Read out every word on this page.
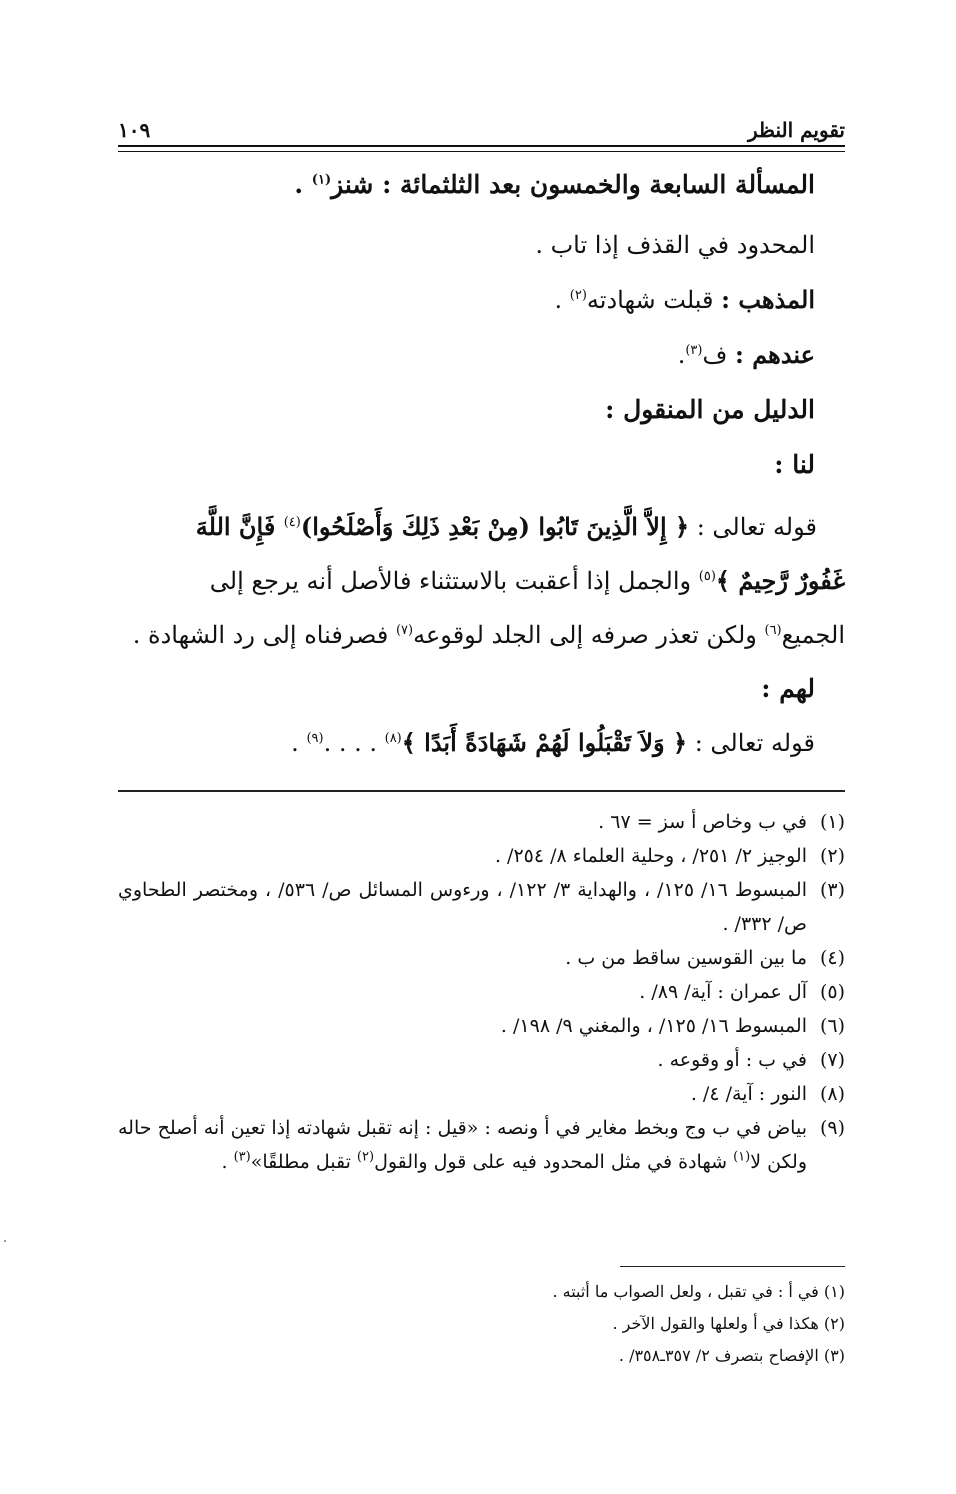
تقويم النظر
١٠٩

المسألة السابعة والخمسون بعد الثلثمائة : شنز$^{(١)}$ .

المحدود في القذف إذا تاب .

المذهب : قبلت شهادته$^{(٢)}$ .

عندهم : ف$^{(٣)}$.

الدليل من المنقول :

لنا :

قوله تعالى : ﴿ إِلاَّ الَّذِينَ تَابُوا (مِنْ بَعْدِ ذَلِكَ وَأَصْلَحُوا)$^{(٤)}$ فَإِنَّ اللَّهَ
غَفُورٌ رَّحِيمٌ ﴾$^{(٥)}$ والجمل إذا أعقبت بالاستثناء فالأصل أنه يرجع إلى
الجميع$^{(٦)}$ ولكن تعذر صرفه إلى الجلد لوقوعه$^{(٧)}$ فصرفناه إلى رد الشهادة .
لهم :
قوله تعالى : ﴿ وَلاَ تَقْبَلُوا لَهُمْ شَهَادَةً أَبَدًا ﴾$^{(٨)}$ . . . .$^{(٩)}$ .

(١)
في ب وخاص أ سز = ٦٧ .

(٢)
الوجيز ٢/ ٢٥١/ ، وحلية العلماء ٨/ ٢٥٤/ .

(٣)
المبسوط ١٦/ ١٢٥/ ، والهداية ٣/ ١٢٢/ ، ورءوس المسائل ص/ ٥٣٦/ ، ومختصر الطحاوي ص/ ٣٣٢/ .

(٤)
ما بين القوسين ساقط من ب .

(٥)
آل عمران : آية/ ٨٩/ .

(٦)
المبسوط ١٦/ ١٢٥/ ، والمغني ٩/ ١٩٨/ .

(٧)
في ب : أو وقوعه .

(٨)
النور : آية/ ٤/ .

(٩)
بياض في ب وج وبخط مغاير في أ ونصه : «قيل : إنه تقبل شهادته إذا تعين أنه أصلح حاله ولكن لا$^{(١)}$ شهادة في مثل المحدود فيه على قول والقول$^{(٢)}$ تقبل مطلقًا»$^{(٣)}$ .

(١) في أ : في تقبل ، ولعل الصواب ما أثبته .

(٢) هكذا في أ ولعلها والقول الآخر .

(٣) الإفصاح بتصرف ٢/ ٣٥٧ـ٣٥٨/ .
